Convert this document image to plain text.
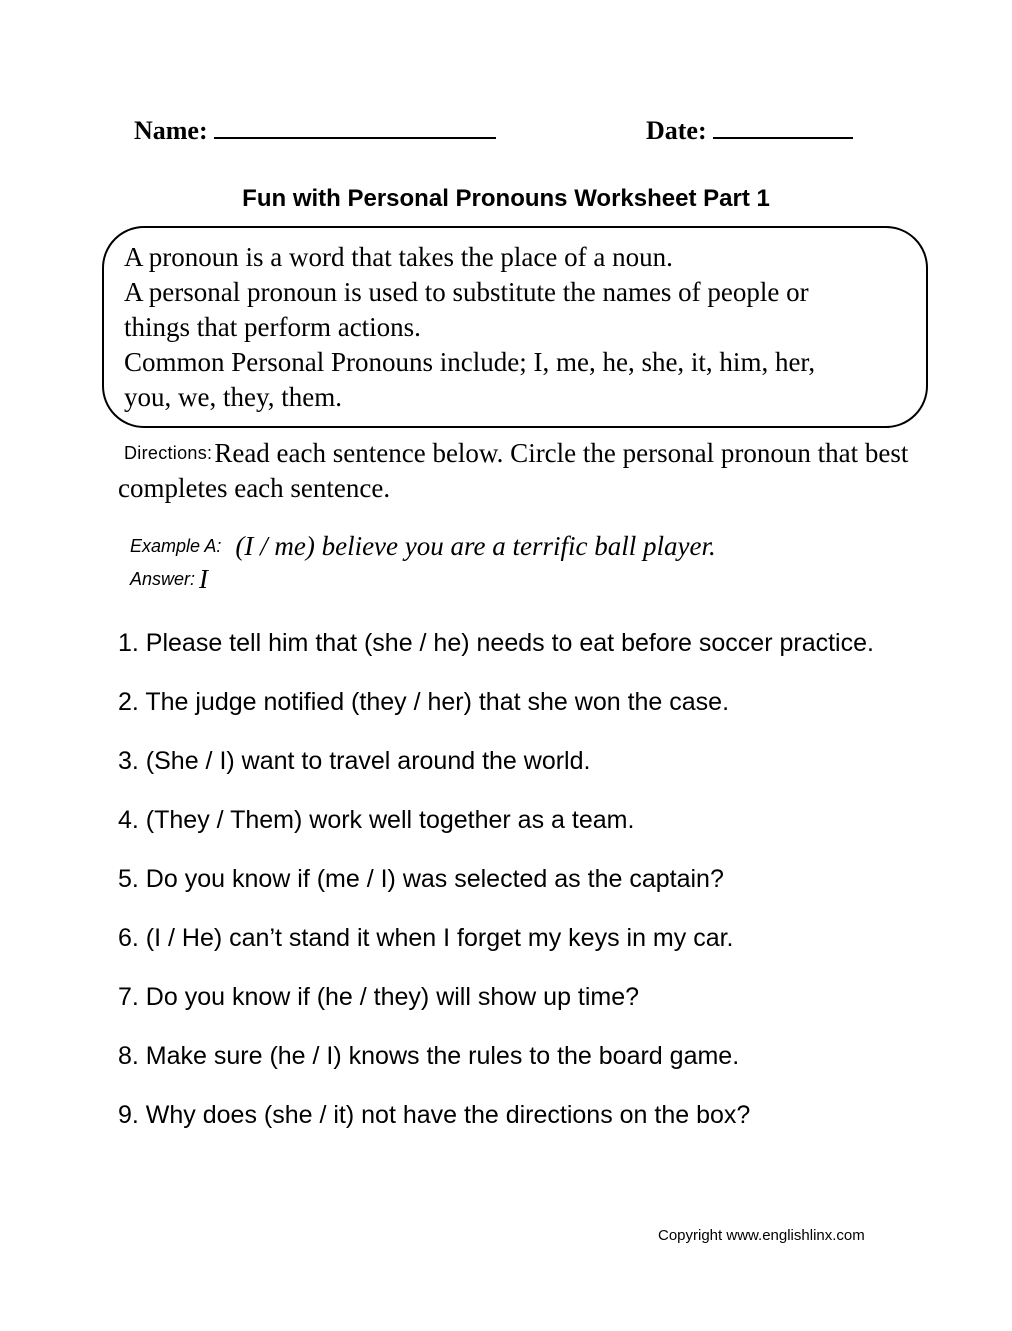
Name:	Date:
Fun with Personal Pronouns Worksheet Part 1
A pronoun is a word that takes the place of a noun.
A personal pronoun is used to substitute the names of people or
things that perform actions.
Common Personal Pronouns include; I, me, he, she, it, him, her,
you, we, they, them.
Directions:Read each sentence below. Circle the personal pronoun that best completes each sentence.
Example A: (I / me) believe you are a terrific ball player.
Answer: I
1. Please tell him that (she / he) needs to eat before soccer practice.
2. The judge notified (they / her) that she won the case.
3. (She / I) want to travel around the world.
4. (They / Them) work well together as a team.
5. Do you know if (me / I) was selected as the captain?
6. (I / He) can’t stand it when I forget my keys in my car.
7. Do you know if (he / they) will show up time?
8. Make sure (he / I) knows the rules to the board game.
9. Why does (she / it) not have the directions on the box?
Copyright www.englishlinx.com
